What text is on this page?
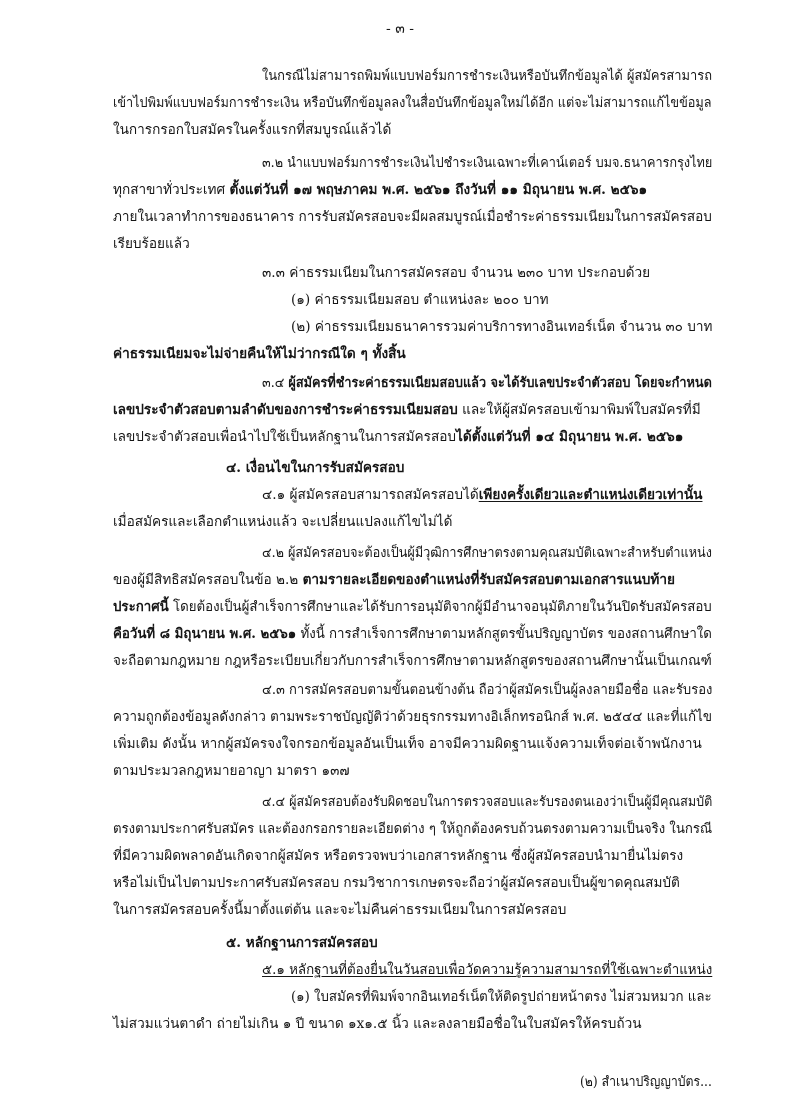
- ๓ -
ในกรณีไม่สามารถพิมพ์แบบฟอร์มการชำระเงินหรือบันทึกข้อมูลได้ ผู้สมัครสามารถ
เข้าไปพิมพ์แบบฟอร์มการชำระเงิน หรือบันทึกข้อมูลลงในสื่อบันทึกข้อมูลใหม่ได้อีก แต่จะไม่สามารถแก้ไขข้อมูล
ในการกรอกใบสมัครในครั้งแรกที่สมบูรณ์แล้วได้
๓.๒ นำแบบฟอร์มการชำระเงินไปชำระเงินเฉพาะที่เคาน์เตอร์ บมจ.ธนาคารกรุงไทย
ทุกสาขาทั่วประเทศ ตั้งแต่วันที่ ๑๗ พฤษภาคม พ.ศ. ๒๕๖๑ ถึงวันที่ ๑๑ มิถุนายน พ.ศ. ๒๕๖๑
ภายในเวลาทำการของธนาคาร การรับสมัครสอบจะมีผลสมบูรณ์เมื่อชำระค่าธรรมเนียมในการสมัครสอบ
เรียบร้อยแล้ว
๓.๓ ค่าธรรมเนียมในการสมัครสอบ จำนวน ๒๓๐ บาท ประกอบด้วย
(๑) ค่าธรรมเนียมสอบ ตำแหน่งละ ๒๐๐ บาท
(๒) ค่าธรรมเนียมธนาคารรวมค่าบริการทางอินเทอร์เน็ต จำนวน ๓๐ บาท
ค่าธรรมเนียมจะไม่จ่ายคืนให้ไม่ว่ากรณีใด ๆ ทั้งสิ้น
๓.๔ ผู้สมัครที่ชำระค่าธรรมเนียมสอบแล้ว จะได้รับเลขประจำตัวสอบ โดยจะกำหนด
เลขประจำตัวสอบตามลำดับของการชำระค่าธรรมเนียมสอบ และให้ผู้สมัครสอบเข้ามาพิมพ์ใบสมัครที่มี
เลขประจำตัวสอบเพื่อนำไปใช้เป็นหลักฐานในการสมัครสอบได้ตั้งแต่วันที่ ๑๔ มิถุนายน พ.ศ. ๒๕๖๑
๔. เงื่อนไขในการรับสมัครสอบ
๔.๑ ผู้สมัครสอบสามารถสมัครสอบได้เพียงครั้งเดียวและตำแหน่งเดียวเท่านั้น
เมื่อสมัครและเลือกตำแหน่งแล้ว จะเปลี่ยนแปลงแก้ไขไม่ได้
๔.๒ ผู้สมัครสอบจะต้องเป็นผู้มีวุฒิการศึกษาตรงตามคุณสมบัติเฉพาะสำหรับตำแหน่ง
ของผู้มีสิทธิสมัครสอบในข้อ ๒.๒ ตามรายละเอียดของตำแหน่งที่รับสมัครสอบตามเอกสารแนบท้าย
ประกาศนี้ โดยต้องเป็นผู้สำเร็จการศึกษาและได้รับการอนุมัติจากผู้มีอำนาจอนุมัติภายในวันปิดรับสมัครสอบ
คือวันที่ ๘ มิถุนายน พ.ศ. ๒๕๖๑ ทั้งนี้ การสำเร็จการศึกษาตามหลักสูตรขั้นปริญญาบัตร ของสถานศึกษาใด
จะถือตามกฎหมาย กฎหรือระเบียบเกี่ยวกับการสำเร็จการศึกษาตามหลักสูตรของสถานศึกษานั้นเป็นเกณฑ์
๔.๓ การสมัครสอบตามขั้นตอนข้างต้น ถือว่าผู้สมัครเป็นผู้ลงลายมือชื่อ และรับรอง
ความถูกต้องข้อมูลดังกล่าว ตามพระราชบัญญัติว่าด้วยธุรกรรมทางอิเล็กทรอนิกส์ พ.ศ. ๒๕๔๔ และที่แก้ไข
เพิ่มเติม ดังนั้น หากผู้สมัครจงใจกรอกข้อมูลอันเป็นเท็จ อาจมีความผิดฐานแจ้งความเท็จต่อเจ้าพนักงาน
ตามประมวลกฎหมายอาญา มาตรา ๑๓๗
๔.๔ ผู้สมัครสอบต้องรับผิดชอบในการตรวจสอบและรับรองตนเองว่าเป็นผู้มีคุณสมบัติ
ตรงตามประกาศรับสมัคร และต้องกรอกรายละเอียดต่าง ๆ ให้ถูกต้องครบถ้วนตรงตามความเป็นจริง ในกรณี
ที่มีความผิดพลาดอันเกิดจากผู้สมัคร หรือตรวจพบว่าเอกสารหลักฐาน ซึ่งผู้สมัครสอบนำมายื่นไม่ตรง
หรือไม่เป็นไปตามประกาศรับสมัครสอบ กรมวิชาการเกษตรจะถือว่าผู้สมัครสอบเป็นผู้ขาดคุณสมบัติ
ในการสมัครสอบครั้งนี้มาตั้งแต่ต้น และจะไม่คืนค่าธรรมเนียมในการสมัครสอบ
๕. หลักฐานการสมัครสอบ
๕.๑ หลักฐานที่ต้องยื่นในวันสอบเพื่อวัดความรู้ความสามารถที่ใช้เฉพาะตำแหน่ง
(๑) ใบสมัครที่พิมพ์จากอินเทอร์เน็ตให้ติดรูปถ่ายหน้าตรง ไม่สวมหมวก และ
ไม่สวมแว่นตาดำ ถ่ายไม่เกิน ๑ ปี ขนาด ๑x๑.๕ นิ้ว และลงลายมือชื่อในใบสมัครให้ครบถ้วน
(๒) สำเนาปริญญาบัตร...
